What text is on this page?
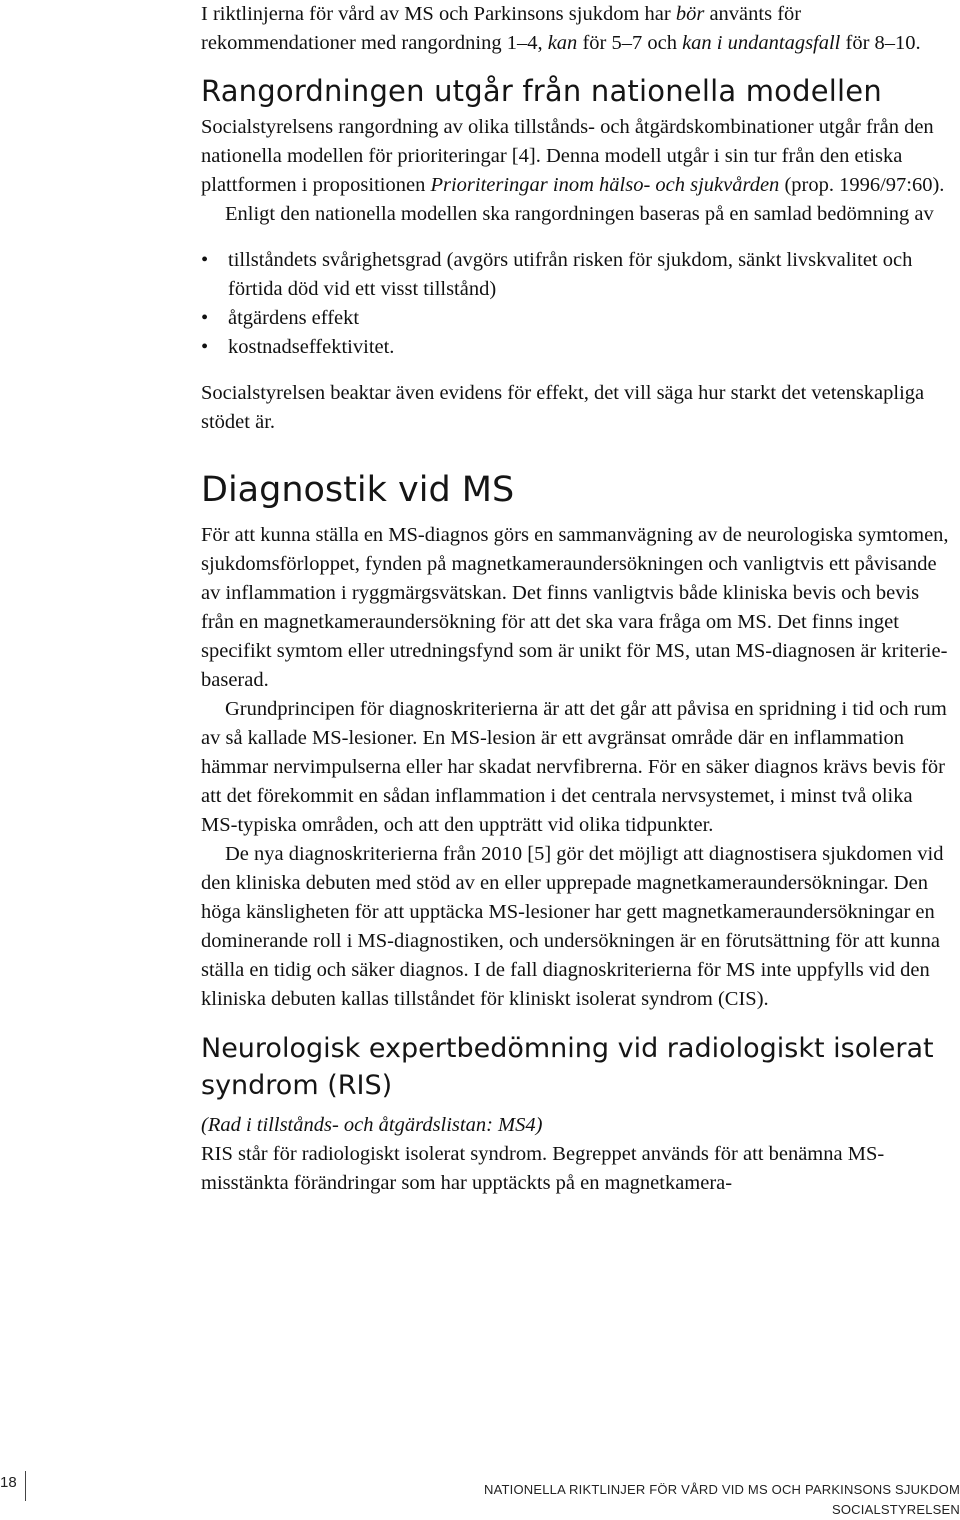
I riktlinjerna för vård av MS och Parkinsons sjukdom har bör använts för rekommendationer med rangordning 1–4, kan för 5–7 och kan i undantagsfall för 8–10.

Rangordningen utgår från nationella modellen

Socialstyrelsens rangordning av olika tillstånds- och åtgärdskombinationer utgår från den nationella modellen för prioriteringar [4]. Denna modell utgår i sin tur från den etiska plattformen i propositionen Prioriteringar inom hälso- och sjukvården (prop. 1996/97:60).

Enligt den nationella modellen ska rangordningen baseras på en samlad bedömning av

• tillståndets svårighetsgrad (avgörs utifrån risken för sjukdom, sänkt livskvalitet och förtida död vid ett visst tillstånd)
• åtgärdens effekt
• kostnadseffektivitet.

Socialstyrelsen beaktar även evidens för effekt, det vill säga hur starkt det vetenskapliga stödet är.

Diagnostik vid MS

För att kunna ställa en MS-diagnos görs en sammanvägning av de neurologiska symtomen, sjukdomsförloppet, fynden på magnetkameraundersökningen och vanligtvis ett påvisande av inflammation i ryggmärgsvätskan. Det finns vanligtvis både kliniska bevis och bevis från en magnetkameraundersökning för att det ska vara fråga om MS. Det finns inget specifikt symtom eller utredningsfynd som är unikt för MS, utan MS-diagnosen är kriteriebaserad.

Grundprincipen för diagnoskriterierna är att det går att påvisa en spridning i tid och rum av så kallade MS-lesioner. En MS-lesion är ett avgränsat område där en inflammation hämmar nervimpulserna eller har skadat nervfibrerna. För en säker diagnos krävs bevis för att det förekommit en sådan inflammation i det centrala nervsystemet, i minst två olika MS-typiska områden, och att den uppträtt vid olika tidpunkter.

De nya diagnoskriterierna från 2010 [5] gör det möjligt att diagnostisera sjukdomen vid den kliniska debuten med stöd av en eller upprepade magnetkameraundersökningar. Den höga känsligheten för att upptäcka MS-lesioner har gett magnetkameraundersökningar en dominerande roll i MS-diagnostiken, och undersökningen är en förutsättning för att kunna ställa en tidig och säker diagnos. I de fall diagnoskriterierna för MS inte uppfylls vid den kliniska debuten kallas tillståndet för kliniskt isolerat syndrom (CIS).

Neurologisk expertbedömning vid radiologiskt isolerat syndrom (RIS)

(Rad i tillstånds- och åtgärdslistan: MS4)

RIS står för radiologiskt isolerat syndrom. Begreppet används för att benämna MS-misstänkta förändringar som har upptäckts på en magnetkamera-

18	NATIONELLA RIKTLINJER FÖR VÅRD VID MS OCH PARKINSONS SJUKDOM
SOCIALSTYRELSEN
